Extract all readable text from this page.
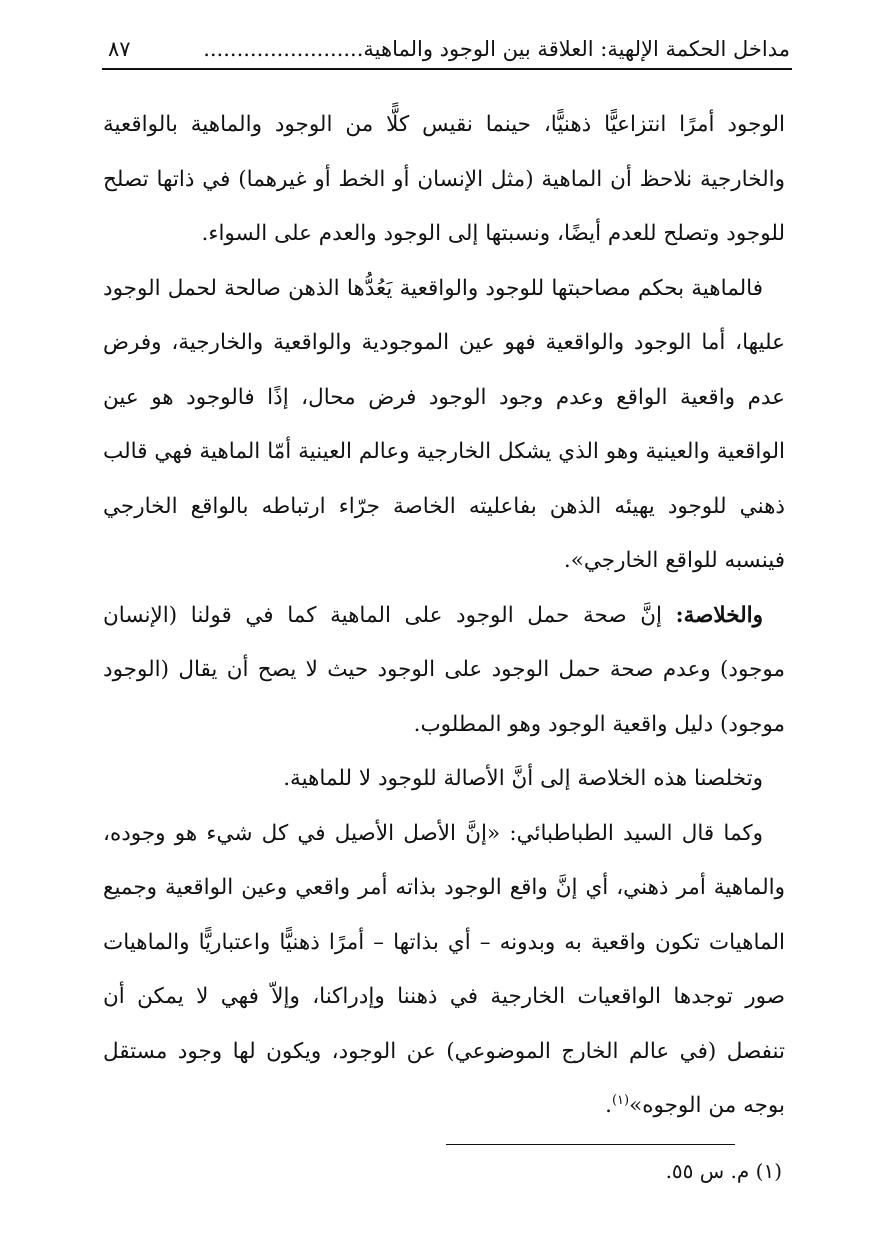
مداخل الحكمة الإلهية: العلاقة بين الوجود والماهية........................
٨٧

الوجود أمرًا انتزاعيًّا ذهنيًّا، حينما نقيس كلًّا من الوجود والماهية بالواقعية والخارجية نلاحظ أن الماهية (مثل الإنسان أو الخط أو غيرهما) في ذاتها تصلح للوجود وتصلح للعدم أيضًا، ونسبتها إلى الوجود والعدم على السواء.

فالماهية بحكم مصاحبتها للوجود والواقعية يَعُدُّها الذهن صالحة لحمل الوجود عليها، أما الوجود والواقعية فهو عين الموجودية والواقعية والخارجية، وفرض عدم واقعية الواقع وعدم وجود الوجود فرض محال، إذًا فالوجود هو عين الواقعية والعينية وهو الذي يشكل الخارجية وعالم العينية أمّا الماهية فهي قالب ذهني للوجود يهيئه الذهن بفاعليته الخاصة جرّاء ارتباطه بالواقع الخارجي فينسبه للواقع الخارجي».

والخلاصة: إنَّ صحة حمل الوجود على الماهية كما في قولنا (الإنسان موجود) وعدم صحة حمل الوجود على الوجود حيث لا يصح أن يقال (الوجود موجود) دليل واقعية الوجود وهو المطلوب.

وتخلصنا هذه الخلاصة إلى أنَّ الأصالة للوجود لا للماهية.

وكما قال السيد الطباطبائي: «إنَّ الأصل الأصيل في كل شيء هو وجوده، والماهية أمر ذهني، أي إنَّ واقع الوجود بذاته أمر واقعي وعين الواقعية وجميع الماهيات تكون واقعية به وبدونه – أي بذاتها – أمرًا ذهنيًّا واعتباريًّا والماهيات صور توجدها الواقعيات الخارجية في ذهننا وإدراكنا، وإلاّ فهي لا يمكن أن تنفصل (في عالم الخارج الموضوعي) عن الوجود، ويكون لها وجود مستقل بوجه من الوجوه»$^{(١)}$.

(١) م. س ٥٥.
